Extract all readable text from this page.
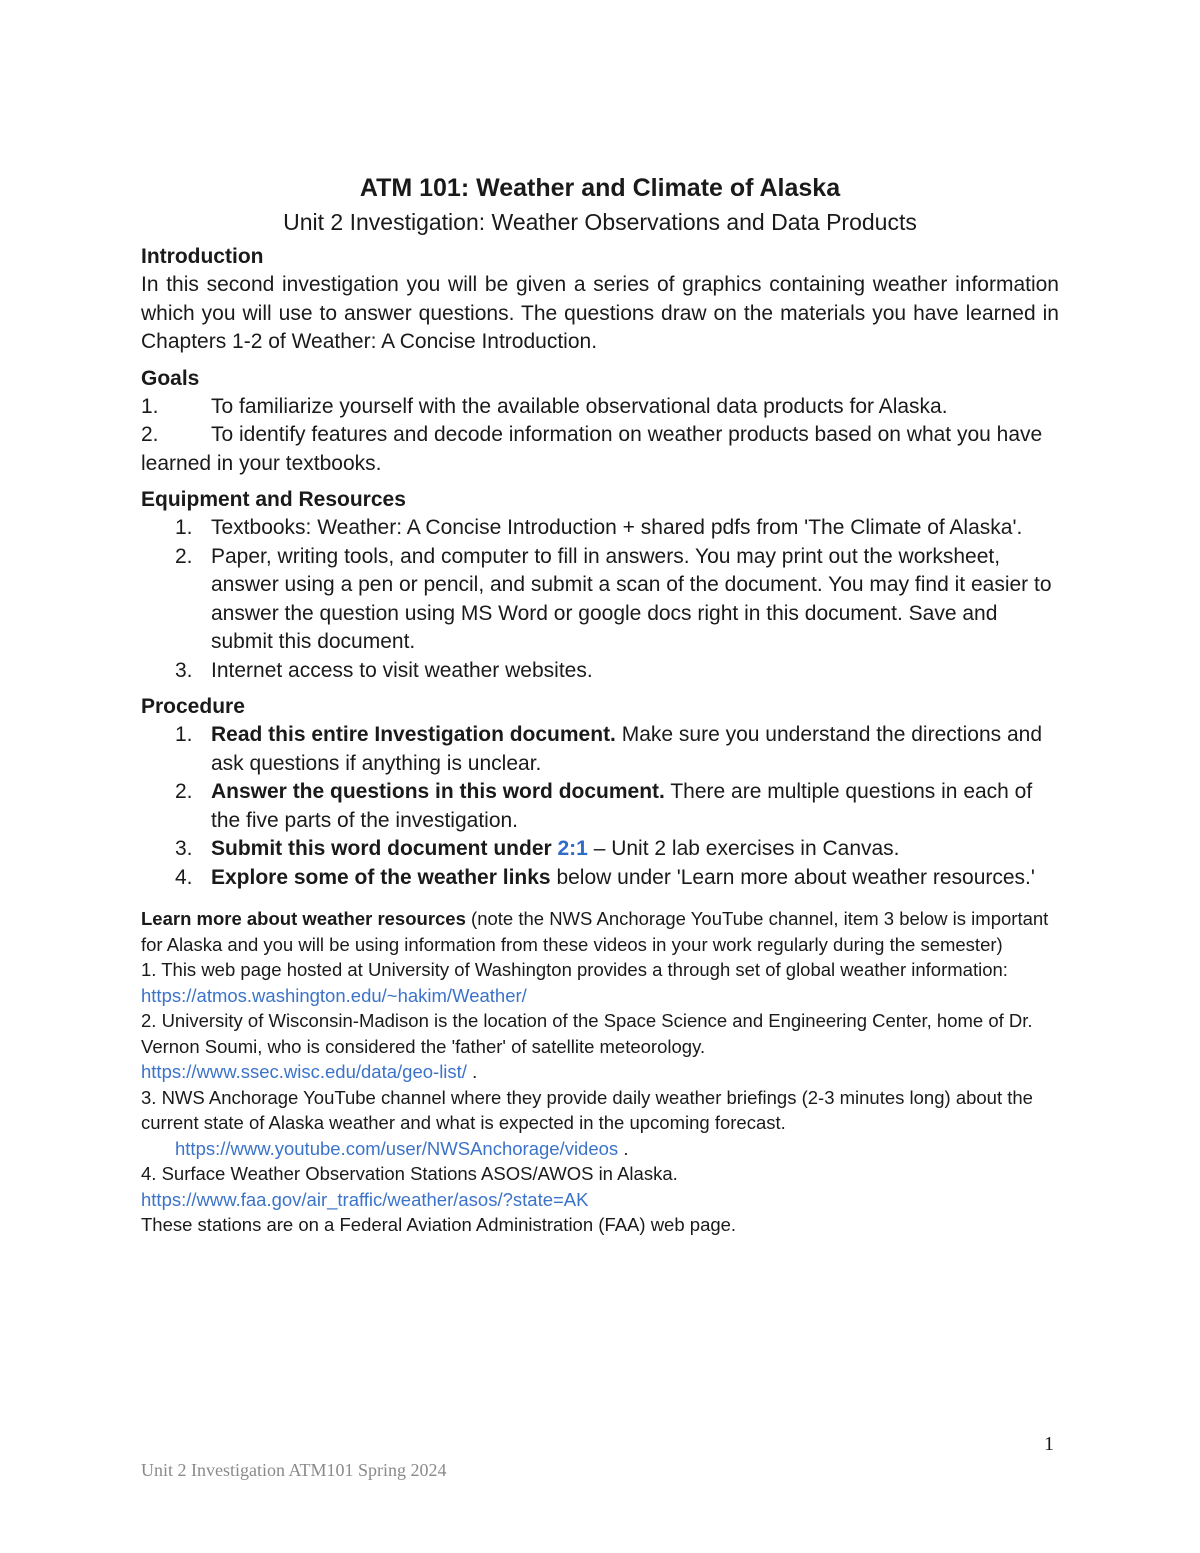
ATM 101: Weather and Climate of Alaska
Unit 2 Investigation: Weather Observations and Data Products
Introduction

In this second investigation you will be given a series of graphics containing weather information which you will use to answer questions. The questions draw on the materials you have learned in Chapters 1-2 of Weather: A Concise Introduction.

Goals

1. To familiarize yourself with the available observational data products for Alaska.

2. To identify features and decode information on weather products based on what you have learned in your textbooks.

Equipment and Resources
1. Textbooks: Weather: A Concise Introduction + shared pdfs from 'The Climate of Alaska'.
2. Paper, writing tools, and computer to fill in answers. You may print out the worksheet, answer using a pen or pencil, and submit a scan of the document. You may find it easier to answer the question using MS Word or google docs right in this document. Save and submit this document.
3. Internet access to visit weather websites.
Procedure
1. Read this entire Investigation document. Make sure you understand the directions and ask questions if anything is unclear.
2. Answer the questions in this word document. There are multiple questions in each of the five parts of the investigation.
3. Submit this word document under 2:1 – Unit 2 lab exercises in Canvas.
4. Explore some of the weather links below under 'Learn more about weather resources.'

Learn more about weather resources (note the NWS Anchorage YouTube channel, item 3 below is important for Alaska and you will be using information from these videos in your work regularly during the semester)

1. This web page hosted at University of Washington provides a through set of global weather information: https://atmos.washington.edu/~hakim/Weather/

2. University of Wisconsin-Madison is the location of the Space Science and Engineering Center, home of Dr. Vernon Soumi, who is considered the 'father' of satellite meteorology.
https://www.ssec.wisc.edu/data/geo-list/ .

3. NWS Anchorage YouTube channel where they provide daily weather briefings (2-3 minutes long) about the current state of Alaska weather and what is expected in the upcoming forecast.

https://www.youtube.com/user/NWSAnchorage/videos .

4. Surface Weather Observation Stations ASOS/AWOS in Alaska.
https://www.faa.gov/air_traffic/weather/asos/?state=AK

These stations are on a Federal Aviation Administration (FAA) web page.

1
Unit 2 Investigation ATM101 Spring 2024
